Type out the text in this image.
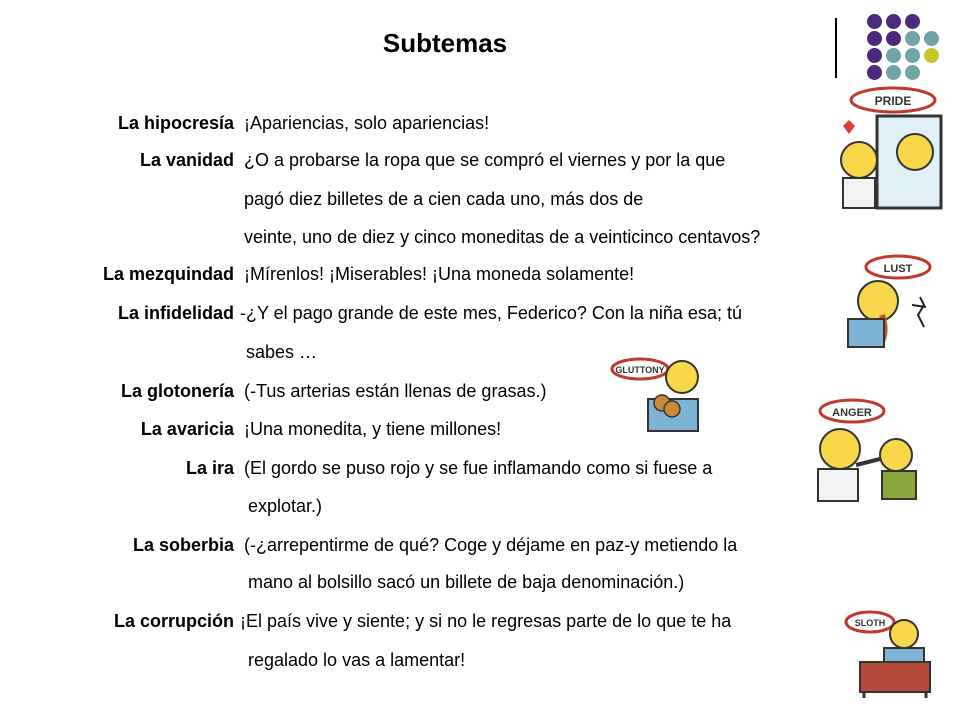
Subtemas
La hipocresía ¡Apariencias, solo apariencias!
La vanidad ¿O a probarse la ropa que se compró el viernes y por la que
pagó diez billetes de a cien cada uno, más dos de
veinte, uno de diez y cinco moneditas de a veinticinco centavos?
La mezquindad ¡Mírenlos! ¡Miserables! ¡Una moneda solamente!
La infidelidad -¿Y el pago grande de este mes, Federico? Con la niña esa; tú
sabes …
La glotonería (-Tus arterias están llenas de grasas.)
La avaricia ¡Una monedita, y tiene millones!
La ira (El gordo se puso rojo y se fue inflamando como si fuese a
explotar.)
La soberbia (-¿arrepentirme de qué? Coge y déjame en paz-y metiendo la
mano al bolsillo sacó un billete de baja denominación.)
La corrupción ¡El país vive y siente; y si no le regresas parte de lo que te ha
regalado lo vas a lamentar!
PRIDE
LUST
GLUTTONY
ANGER
SLOTH
